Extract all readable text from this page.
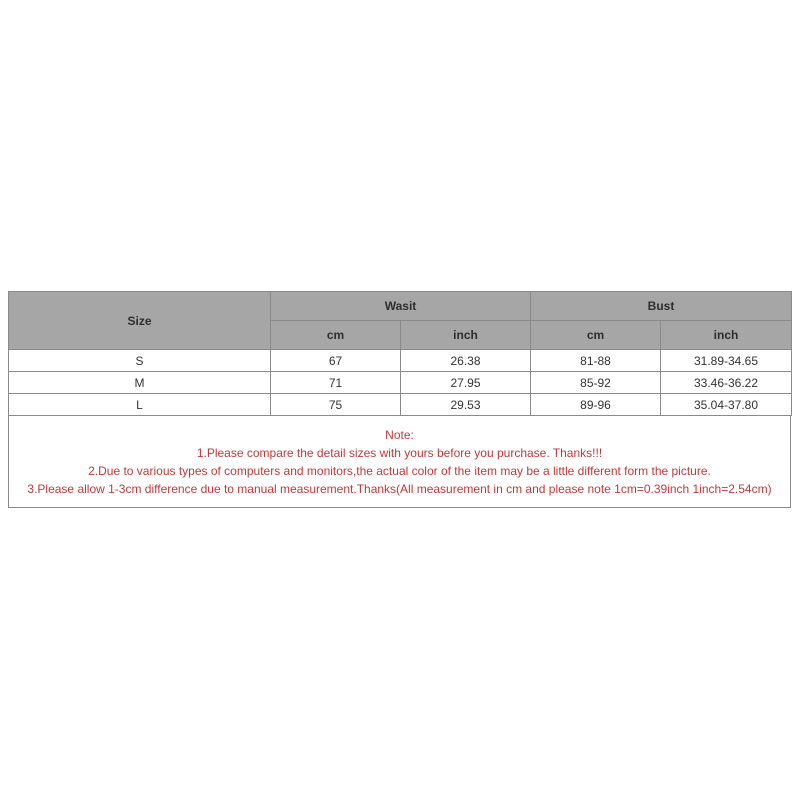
Size	Wasit		Bust	
	cm	inch	cm	inch
S	67	26.38	81-88	31.89-34.65
M	71	27.95	85-92	33.46-36.22
L	75	29.53	89-96	35.04-37.80
Note:
1.Please compare the detail sizes with yours before you purchase. Thanks!!!
2.Due to various types of computers and monitors,the actual color of the item may be a little different form the picture.
3.Please allow 1-3cm difference due to manual measurement.Thanks(All measurement in cm and please note 1cm=0.39inch 1inch=2.54cm)
